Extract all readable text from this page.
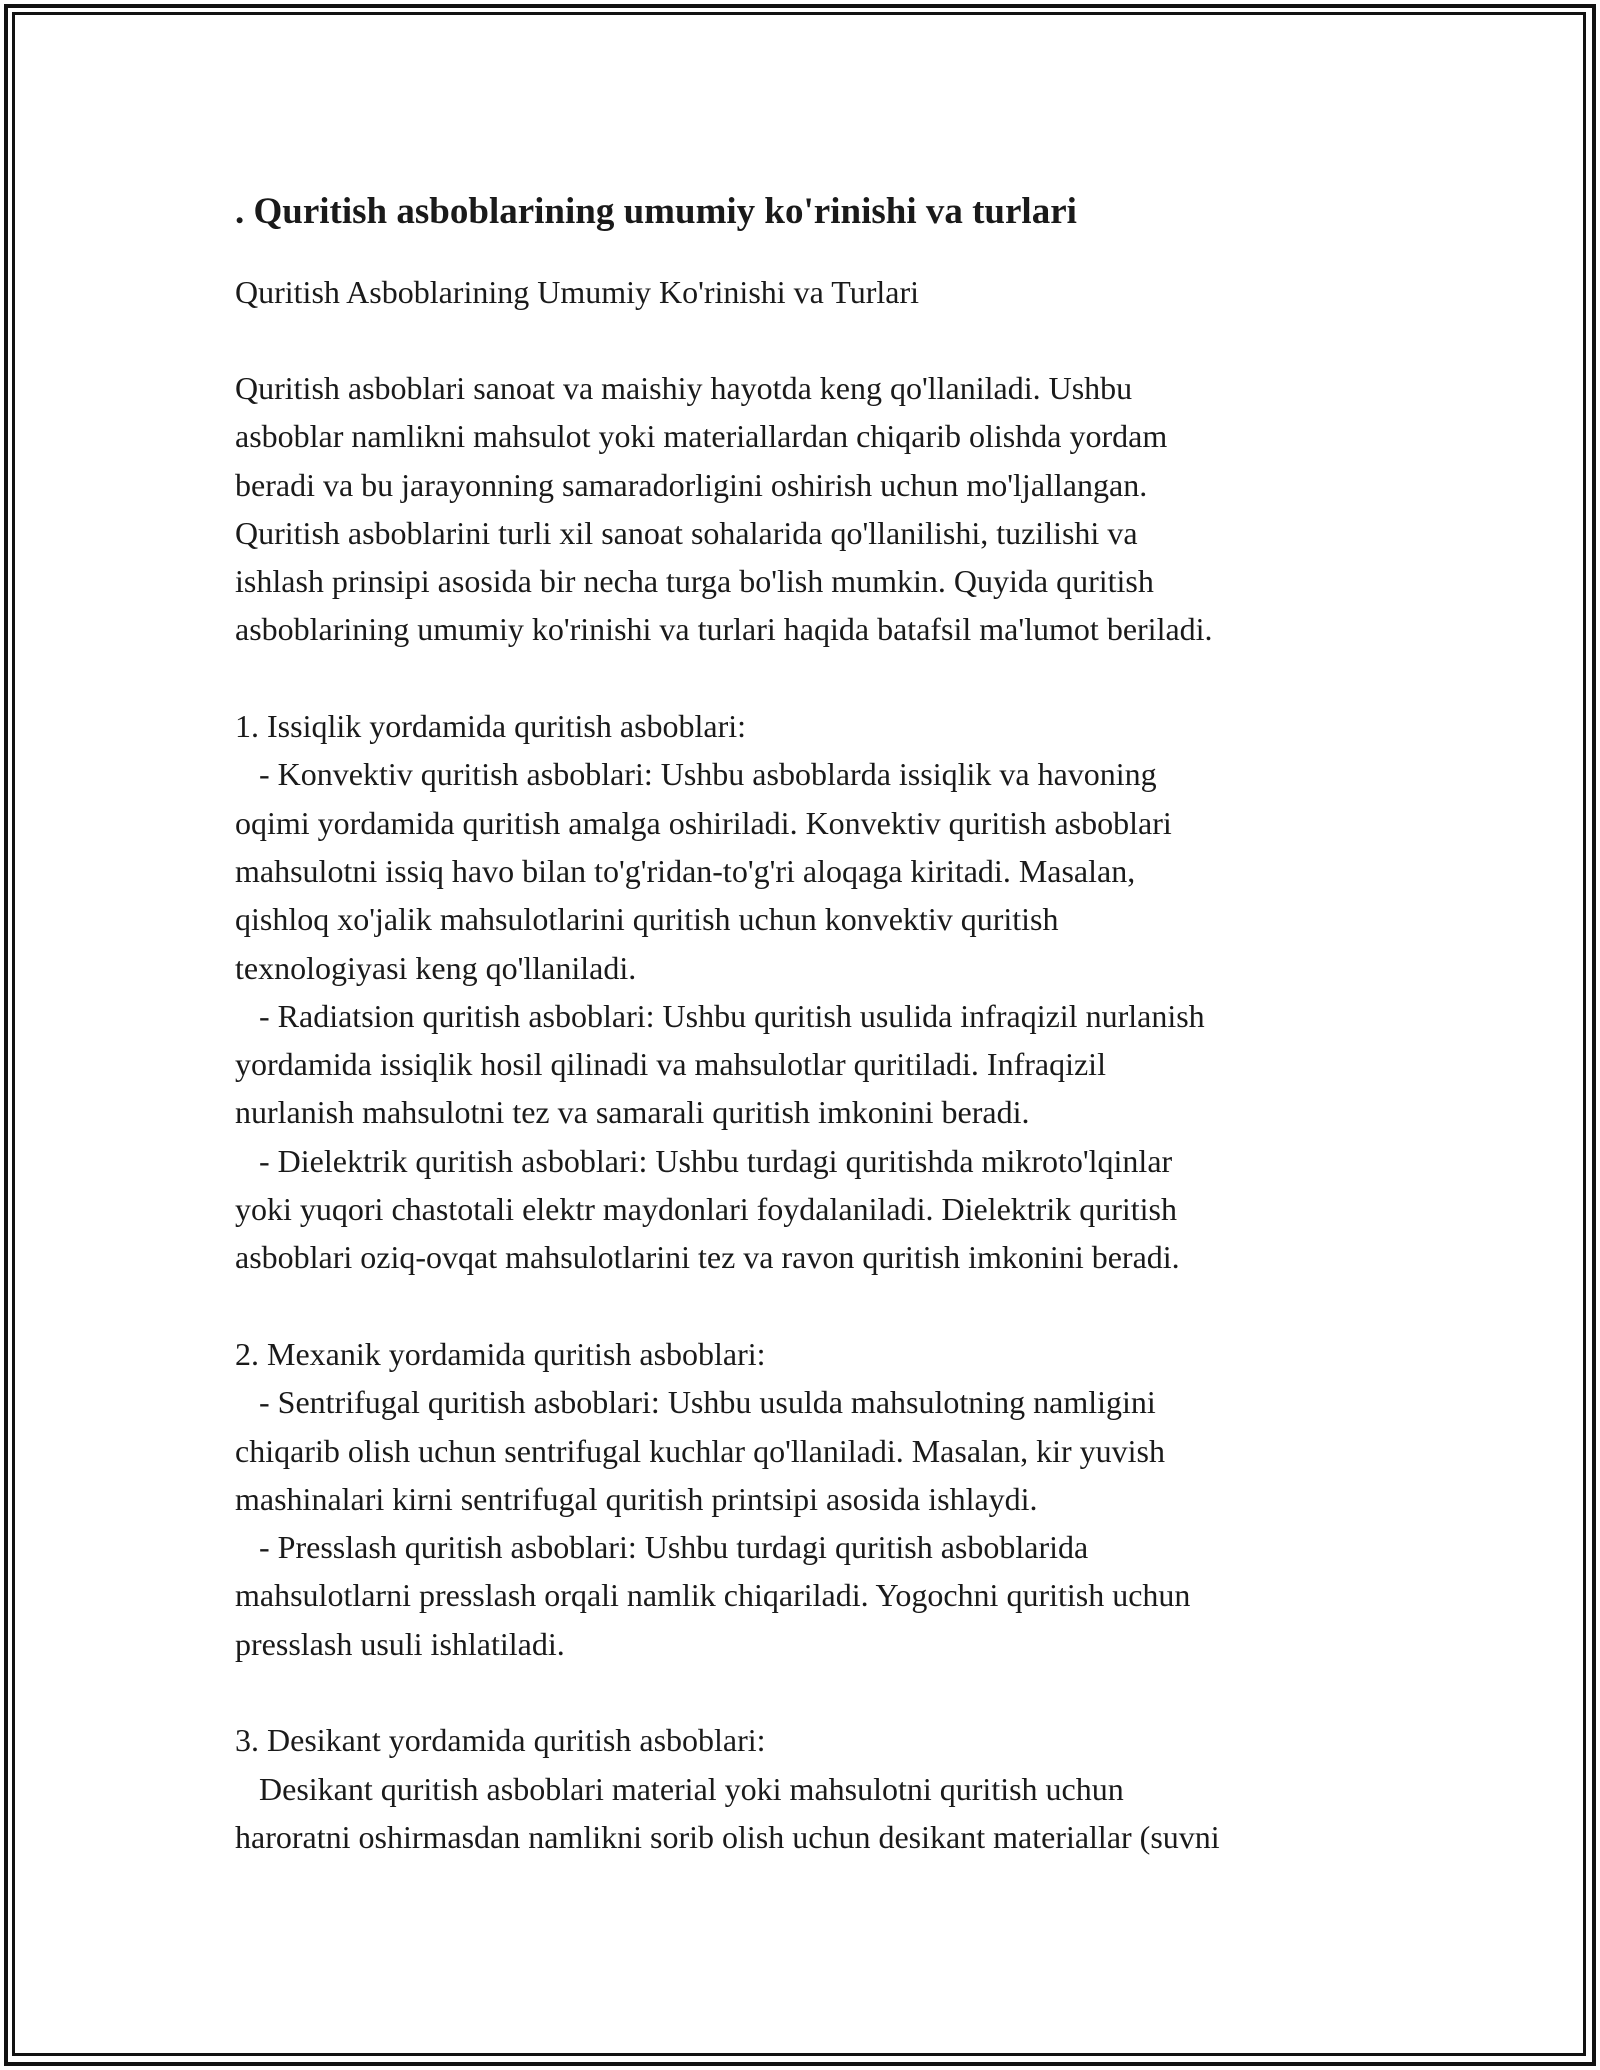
. Quritish asboblarining umumiy ko'rinishi va turlari

Quritish Asboblarining Umumiy Ko'rinishi va Turlari

Quritish asboblari sanoat va maishiy hayotda keng qo'llaniladi. Ushbu
asboblar namlikni mahsulot yoki materiallardan chiqarib olishda yordam
beradi va bu jarayonning samaradorligini oshirish uchun mo'ljallangan.
Quritish asboblarini turli xil sanoat sohalarida qo'llanilishi, tuzilishi va
ishlash prinsipi asosida bir necha turga bo'lish mumkin. Quyida quritish
asboblarining umumiy ko'rinishi va turlari haqida batafsil ma'lumot beriladi.
1. Issiqlik yordamida quritish asboblari:
- Konvektiv quritish asboblari: Ushbu asboblarda issiqlik va havoning
oqimi yordamida quritish amalga oshiriladi. Konvektiv quritish asboblari
mahsulotni issiq havo bilan to'g'ridan-to'g'ri aloqaga kiritadi. Masalan,
qishloq xo'jalik mahsulotlarini quritish uchun konvektiv quritish
texnologiyasi keng qo'llaniladi.
- Radiatsion quritish asboblari: Ushbu quritish usulida infraqizil nurlanish
yordamida issiqlik hosil qilinadi va mahsulotlar quritiladi. Infraqizil
nurlanish mahsulotni tez va samarali quritish imkonini beradi.
- Dielektrik quritish asboblari: Ushbu turdagi quritishda mikroto'lqinlar
yoki yuqori chastotali elektr maydonlari foydalaniladi. Dielektrik quritish
asboblari oziq-ovqat mahsulotlarini tez va ravon quritish imkonini beradi.
2. Mexanik yordamida quritish asboblari:
- Sentrifugal quritish asboblari: Ushbu usulda mahsulotning namligini
chiqarib olish uchun sentrifugal kuchlar qo'llaniladi. Masalan, kir yuvish
mashinalari kirni sentrifugal quritish printsipi asosida ishlaydi.
- Presslash quritish asboblari: Ushbu turdagi quritish asboblarida
mahsulotlarni presslash orqali namlik chiqariladi. Yogochni quritish uchun
presslash usuli ishlatiladi.
3. Desikant yordamida quritish asboblari:
Desikant quritish asboblari material yoki mahsulotni quritish uchun
haroratni oshirmasdan namlikni sorib olish uchun desikant materiallar (suvni
